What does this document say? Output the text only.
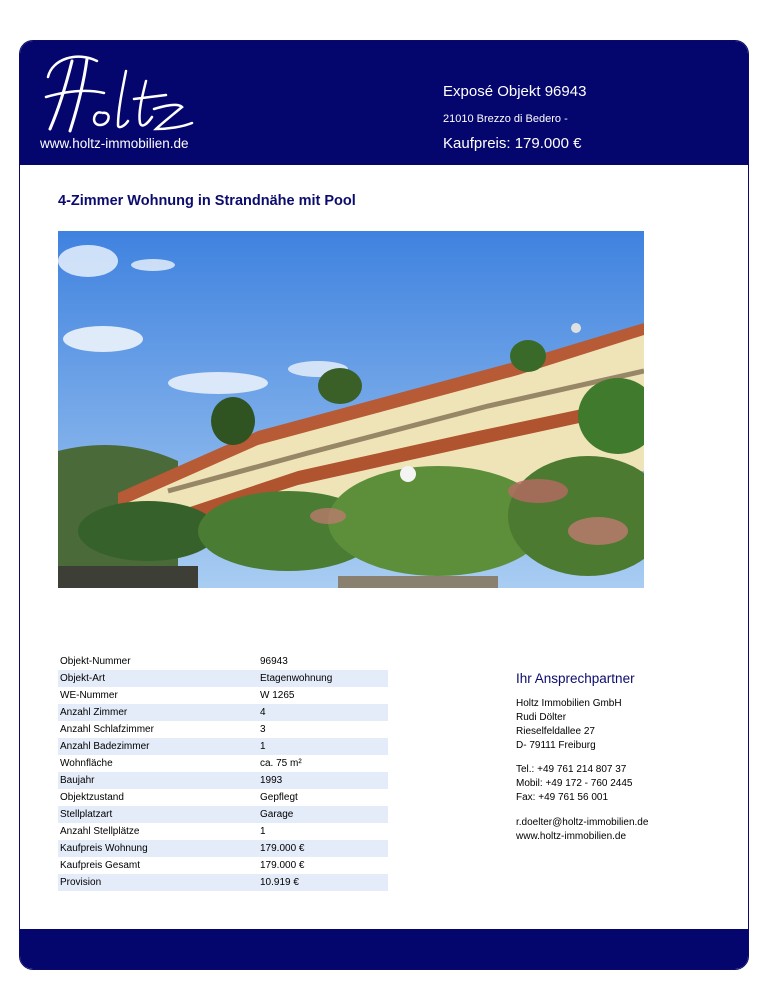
www.holtz-immobilien.de
Exposé Objekt 96943
21010 Brezzo di Bedero -
Kaufpreis: 179.000 €
4-Zimmer Wohnung in Strandnähe mit Pool
Objekt-Nummer	96943
Objekt-Art	Etagenwohnung
WE-Nummer	W 1265
Anzahl Zimmer	4
Anzahl Schlafzimmer	3
Anzahl Badezimmer	1
Wohnfläche	ca. 75 m²
Baujahr	1993
Objektzustand	Gepflegt
Stellplatzart	Garage
Anzahl Stellplätze	1
Kaufpreis Wohnung	179.000 €
Kaufpreis Gesamt	179.000 €
Provision	10.919 €
Ihr Ansprechpartner
Holtz Immobilien GmbH
Rudi Dölter
Rieselfeldallee 27
D- 79111 Freiburg
Tel.: +49 761 214 807 37
Mobil: +49 172 - 760 2445
Fax: +49 761 56 001
r.doelter@holtz-immobilien.de
www.holtz-immobilien.de
